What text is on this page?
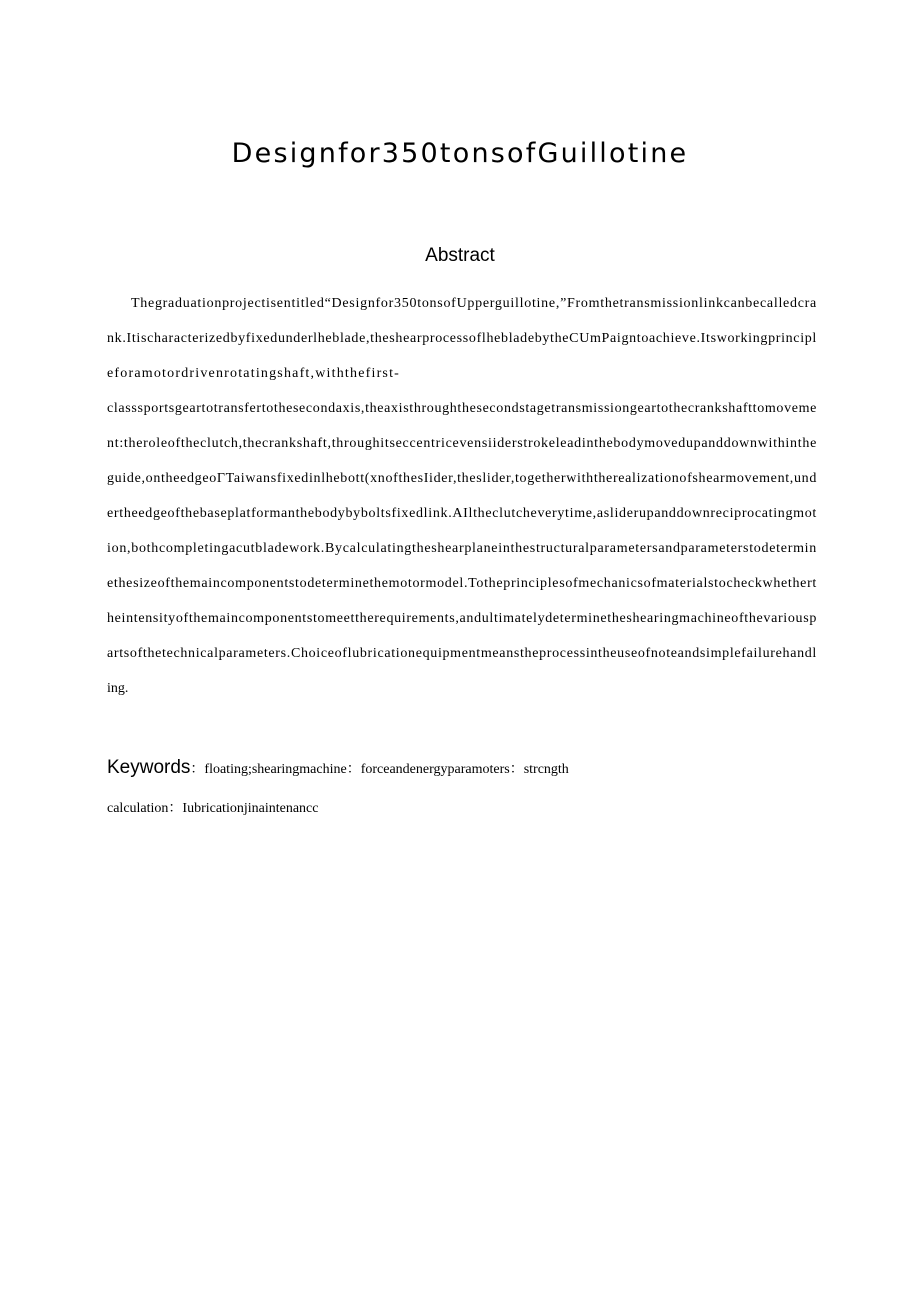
Designfor350tonsofGuillotine
Abstract
Thegraduationprojectisentitled“Designfor350tonsofUpperguillotine,”Fromthetransmissionlinkcanbecalledcra
nk.Itischaracterizedbyfixedunderlheblade,theshearprocessoflhebladebytheCUmPaigntoachieve.Itsworkingprincipl
eforamotordrivenrotatingshaft,withthefirst-
classsportsgeartotransfertothesecondaxis,theaxisthroughthesecondstagetransmissiongeartothecrankshafttomoveme
nt:theroleoftheclutch,thecrankshaft,throughitseccentricevensiiderstrokeleadinthebodymovedupanddownwithinthe
guide,ontheedgeoΓTaiwansfixedinlhebott(xnofthesIider,theslider,togetherwiththerealizationofshearmovement,und
ertheedgeofthebaseplatformanthebodybyboltsfixedlink.AIltheclutcheverytime,asliderupanddownreciprocatingmot
ion,bothcompletingacutbladework.Bycalculatingtheshearplaneinthestructuralparametersandparameterstodetermin
ethesizeofthemaincomponentstodeterminethemotormodel.Totheprinciplesofmechanicsofmaterialstocheckwhethert
heintensityofthemaincomponentstomeettherequirements,andultimatelydeterminetheshearingmachineofthevariousp
artsofthetechnicalparameters.Choiceoflubricationequipmentmeanstheprocessintheuseofnoteandsimplefailurehandl
ing.
Keywords：floating;shearingmachine：forceandenergyparamoters：strcngth
calculation：Iubricationjinaintenancc
